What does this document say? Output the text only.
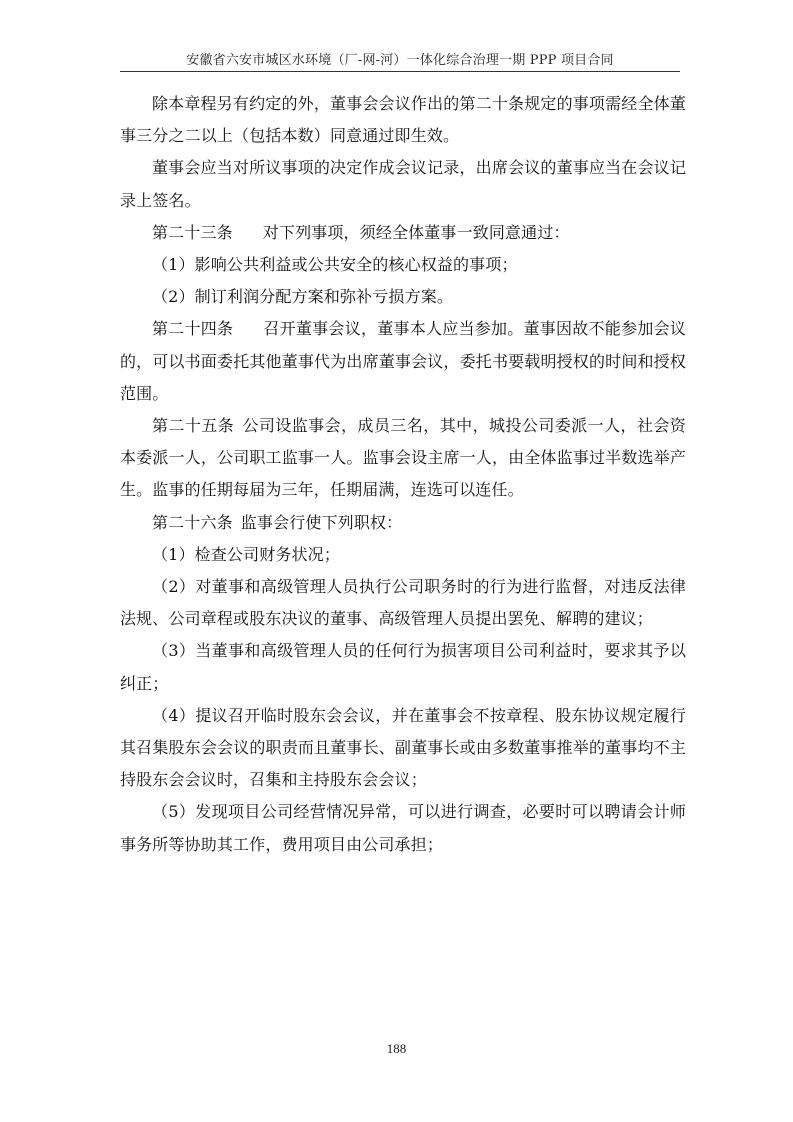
安徽省六安市城区水环境（厂-网-河）一体化综合治理一期 PPP 项目合同

除本章程另有约定的外，董事会会议作出的第二十条规定的事项需经全体董事三分之二以上（包括本数）同意通过即生效。

董事会应当对所议事项的决定作成会议记录，出席会议的董事应当在会议记录上签名。

第二十三条 对下列事项，须经全体董事一致同意通过：

（1）影响公共利益或公共安全的核心权益的事项；

（2）制订利润分配方案和弥补亏损方案。

第二十四条 召开董事会议，董事本人应当参加。董事因故不能参加会议的，可以书面委托其他董事代为出席董事会议，委托书要载明授权的时间和授权范围。

第二十五条 公司设监事会，成员三名，其中，城投公司委派一人，社会资本委派一人，公司职工监事一人。监事会设主席一人，由全体监事过半数选举产生。监事的任期每届为三年，任期届满，连选可以连任。

第二十六条 监事会行使下列职权：

（1）检查公司财务状况；

（2）对董事和高级管理人员执行公司职务时的行为进行监督，对违反法律法规、公司章程或股东决议的董事、高级管理人员提出罢免、解聘的建议；

（3）当董事和高级管理人员的任何行为损害项目公司利益时，要求其予以纠正；

（4）提议召开临时股东会会议，并在董事会不按章程、股东协议规定履行其召集股东会会议的职责而且董事长、副董事长或由多数董事推举的董事均不主持股东会会议时，召集和主持股东会会议；

（5）发现项目公司经营情况异常，可以进行调查，必要时可以聘请会计师事务所等协助其工作，费用项目由公司承担；

188
